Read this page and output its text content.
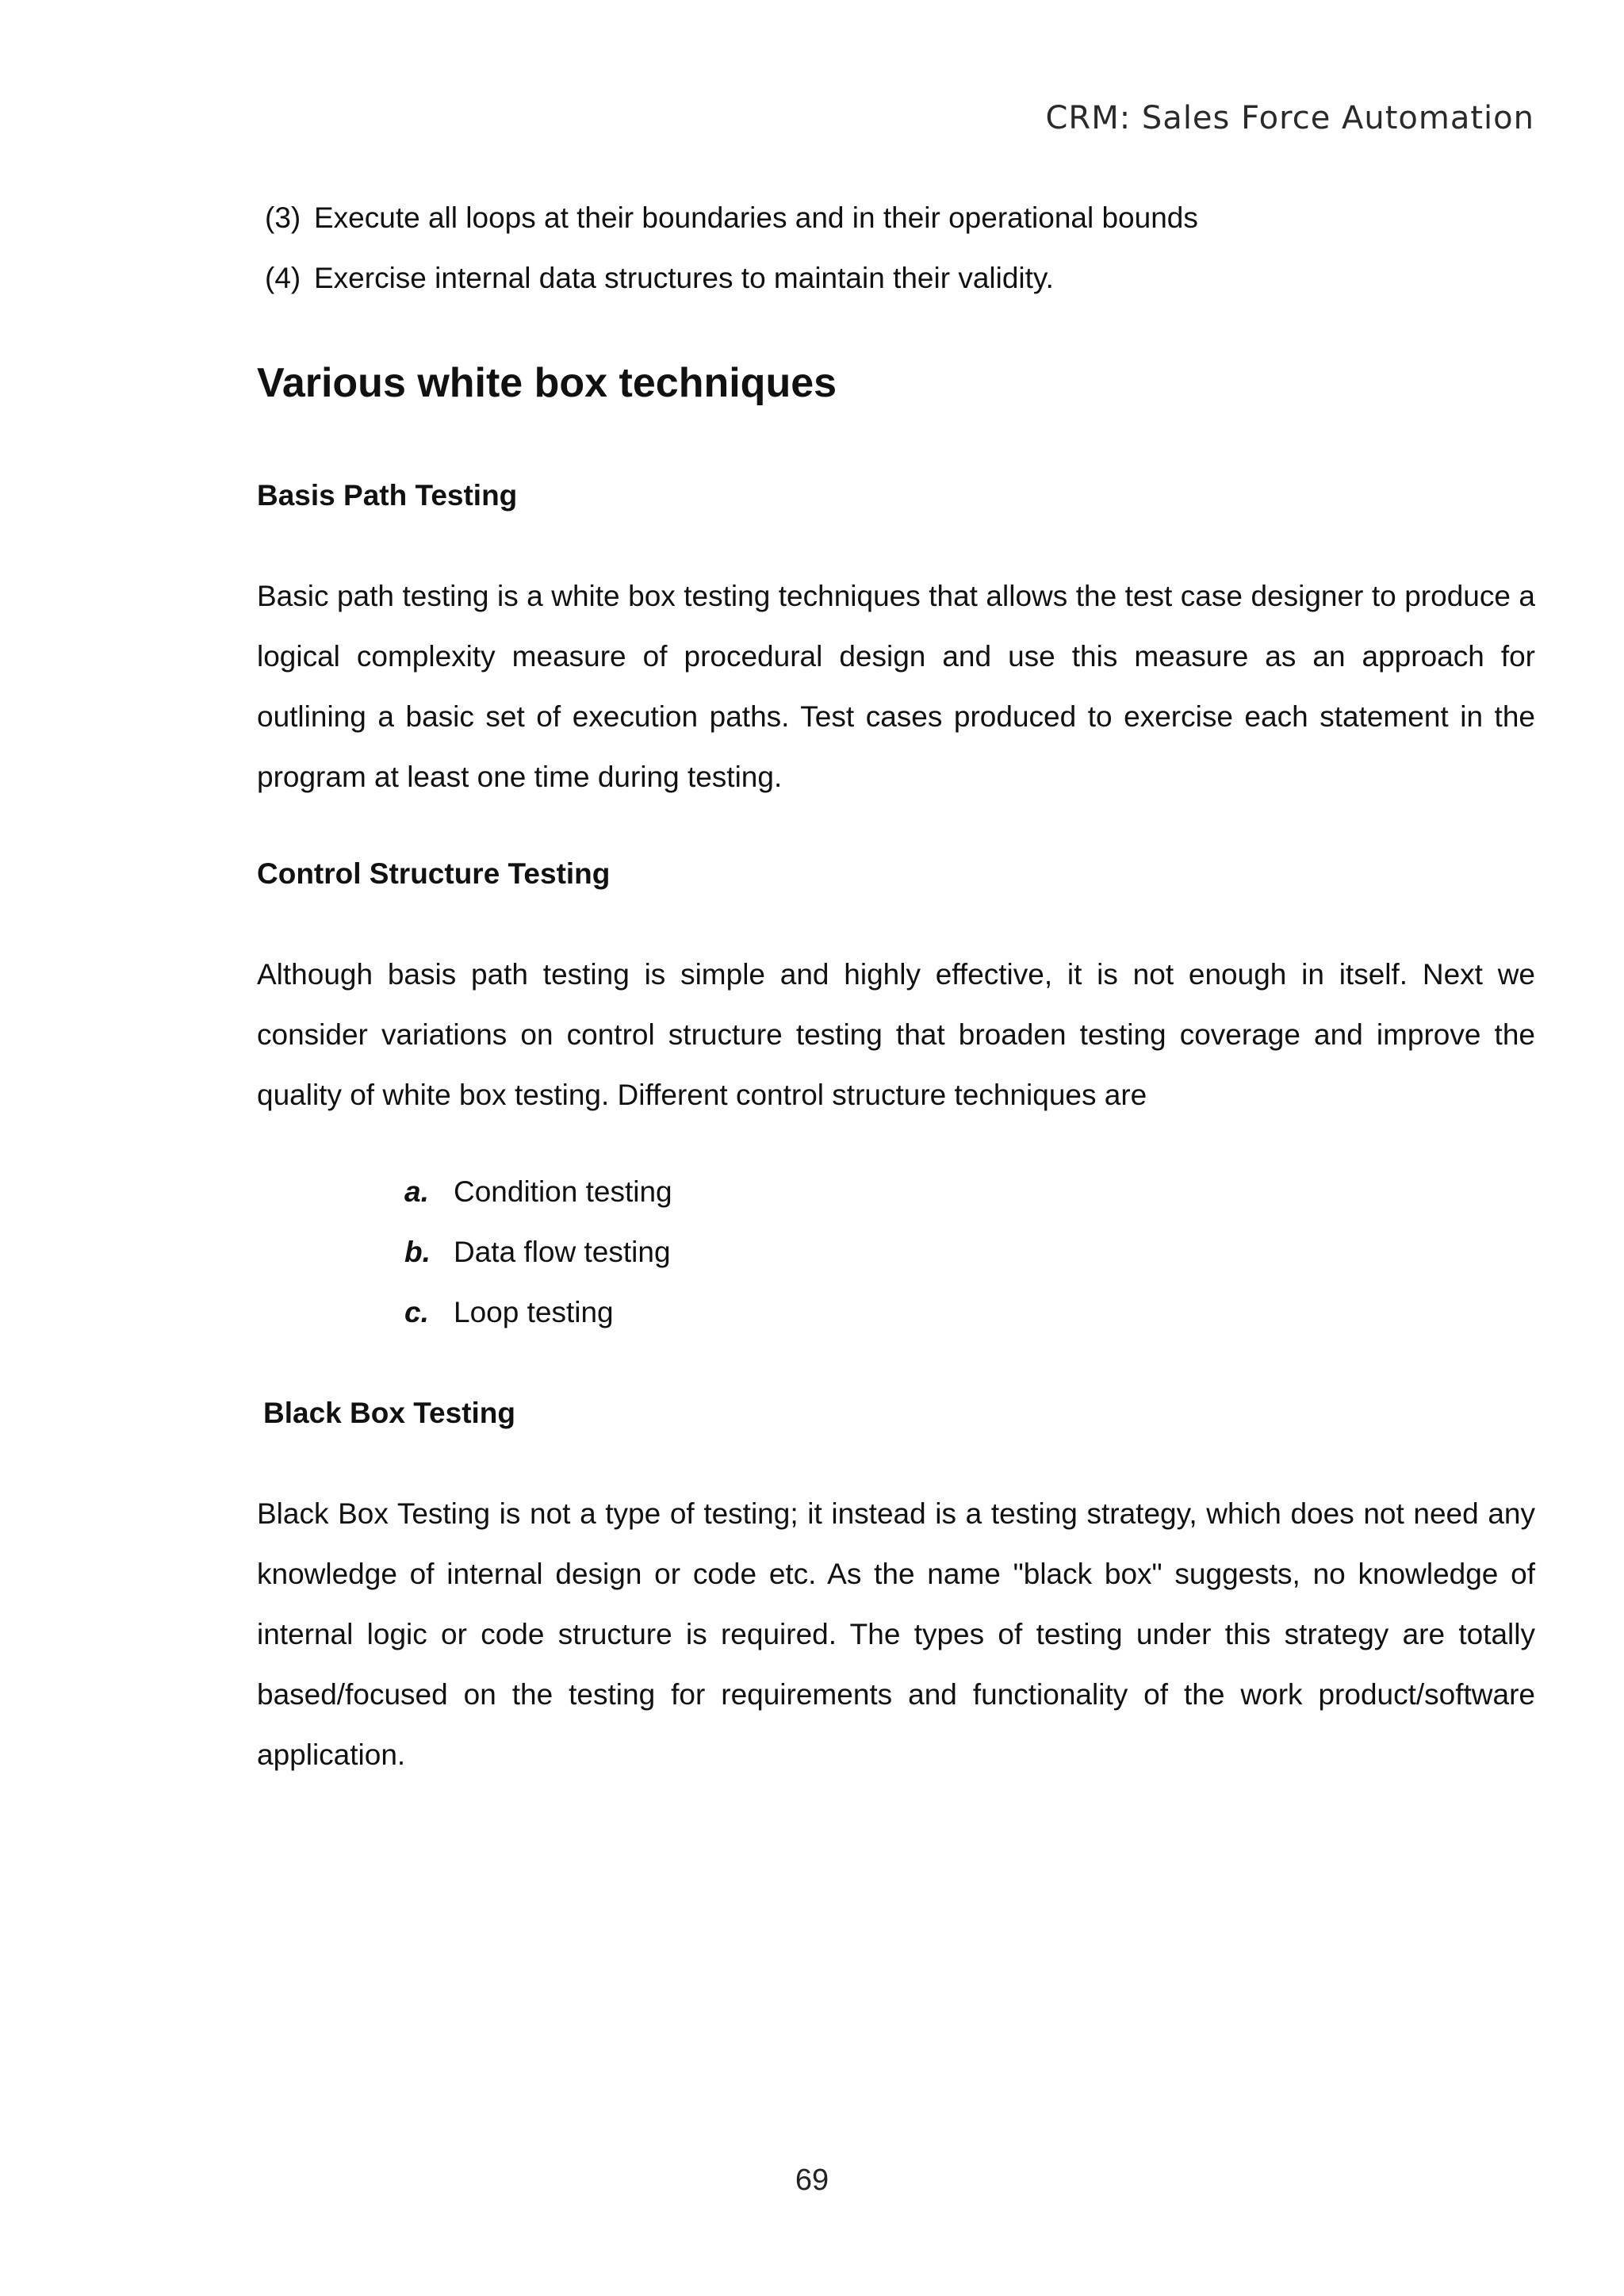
CRM: Sales Force Automation
(3) Execute all loops at their boundaries and in their operational bounds
(4) Exercise internal data structures to maintain their validity.
Various white box techniques
Basis Path Testing

Basic path testing is a white box testing techniques that allows the test case designer to produce a logical complexity measure of procedural design and use this measure as an approach for outlining a basic set of execution paths. Test cases produced to exercise each statement in the program at least one time during testing.

Control Structure Testing

Although basis path testing is simple and highly effective, it is not enough in itself. Next we consider variations on control structure testing that broaden testing coverage and improve the quality of white box testing. Different control structure techniques are

a. Condition testing
b. Data flow testing
c. Loop testing
Black Box Testing

Black Box Testing is not a type of testing; it instead is a testing strategy, which does not need any knowledge of internal design or code etc. As the name "black box" suggests, no knowledge of internal logic or code structure is required. The types of testing under this strategy are totally based/focused on the testing for requirements and functionality of the work product/software application.

69
